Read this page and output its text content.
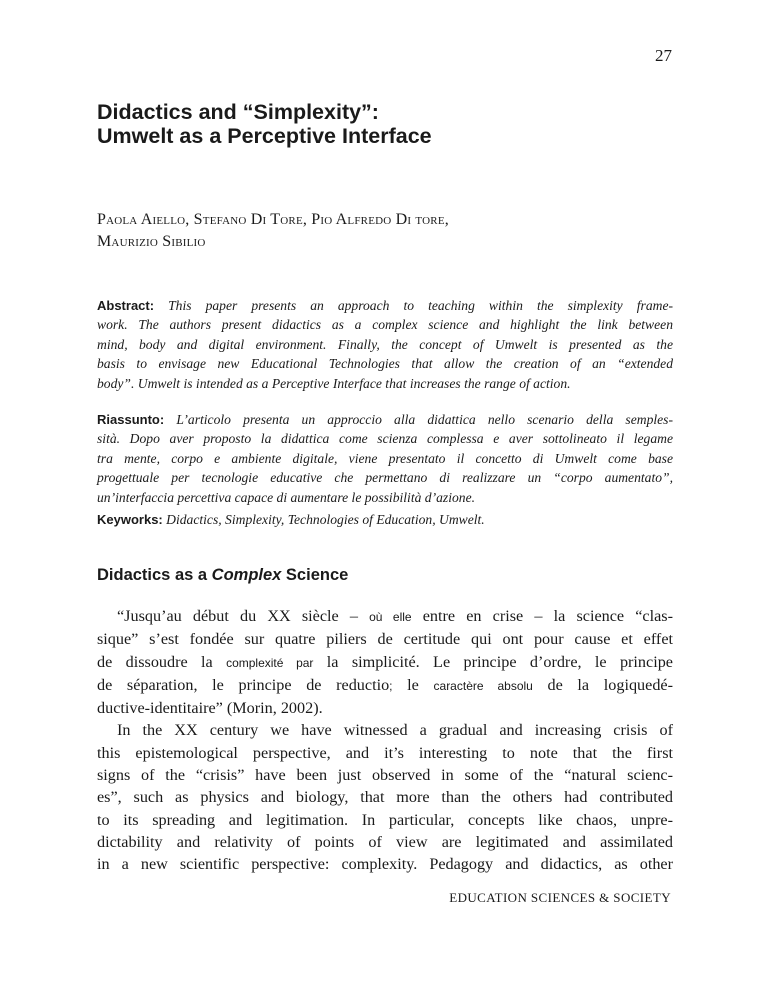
27
Didactics and “Simplexity”:
Umwelt as a Perceptive Interface
Paola Aiello, Stefano Di Tore, Pio Alfredo Di tore,
Maurizio Sibilio
Abstract: This paper presents an approach to teaching within the simplexity frame-
work. The authors present didactics as a complex science and highlight the link between
mind, body and digital environment. Finally, the concept of Umwelt is presented as the
basis to envisage new Educational Technologies that allow the creation of an “extended
body”. Umwelt is intended as a Perceptive Interface that increases the range of action.
Riassunto: L’articolo presenta un approccio alla didattica nello scenario della semples-
sità. Dopo aver proposto la didattica come scienza complessa e aver sottolineato il legame
tra mente, corpo e ambiente digitale, viene presentato il concetto di Umwelt come base
progettuale per tecnologie educative che permettano di realizzare un “corpo aumentato”,
un’interfaccia percettiva capace di aumentare le possibilità d’azione.
Keyworks: Didactics, Simplexity, Technologies of Education, Umwelt.
Didactics as a Complex Science
“Jusqu’au début du XX siècle – où elle entre en crise – la science “clas-
sique” s’est fondée sur quatre piliers de certitude qui ont pour cause et effet
de dissoudre la complexité par la simplicité. Le principe d’ordre, le principe
de séparation, le principe de reductio; le caractère absolu de la logiquedé-
ductive-identitaire” (Morin, 2002).
In the XX century we have witnessed a gradual and increasing crisis of
this epistemological perspective, and it’s interesting to note that the first
signs of the “crisis” have been just observed in some of the “natural scienc-
es”, such as physics and biology, that more than the others had contributed
to its spreading and legitimation. In particular, concepts like chaos, unpre-
dictability and relativity of points of view are legitimated and assimilated
in a new scientific perspective: complexity. Pedagogy and didactics, as other
EDUCATION SCIENCES & SOCIETY
